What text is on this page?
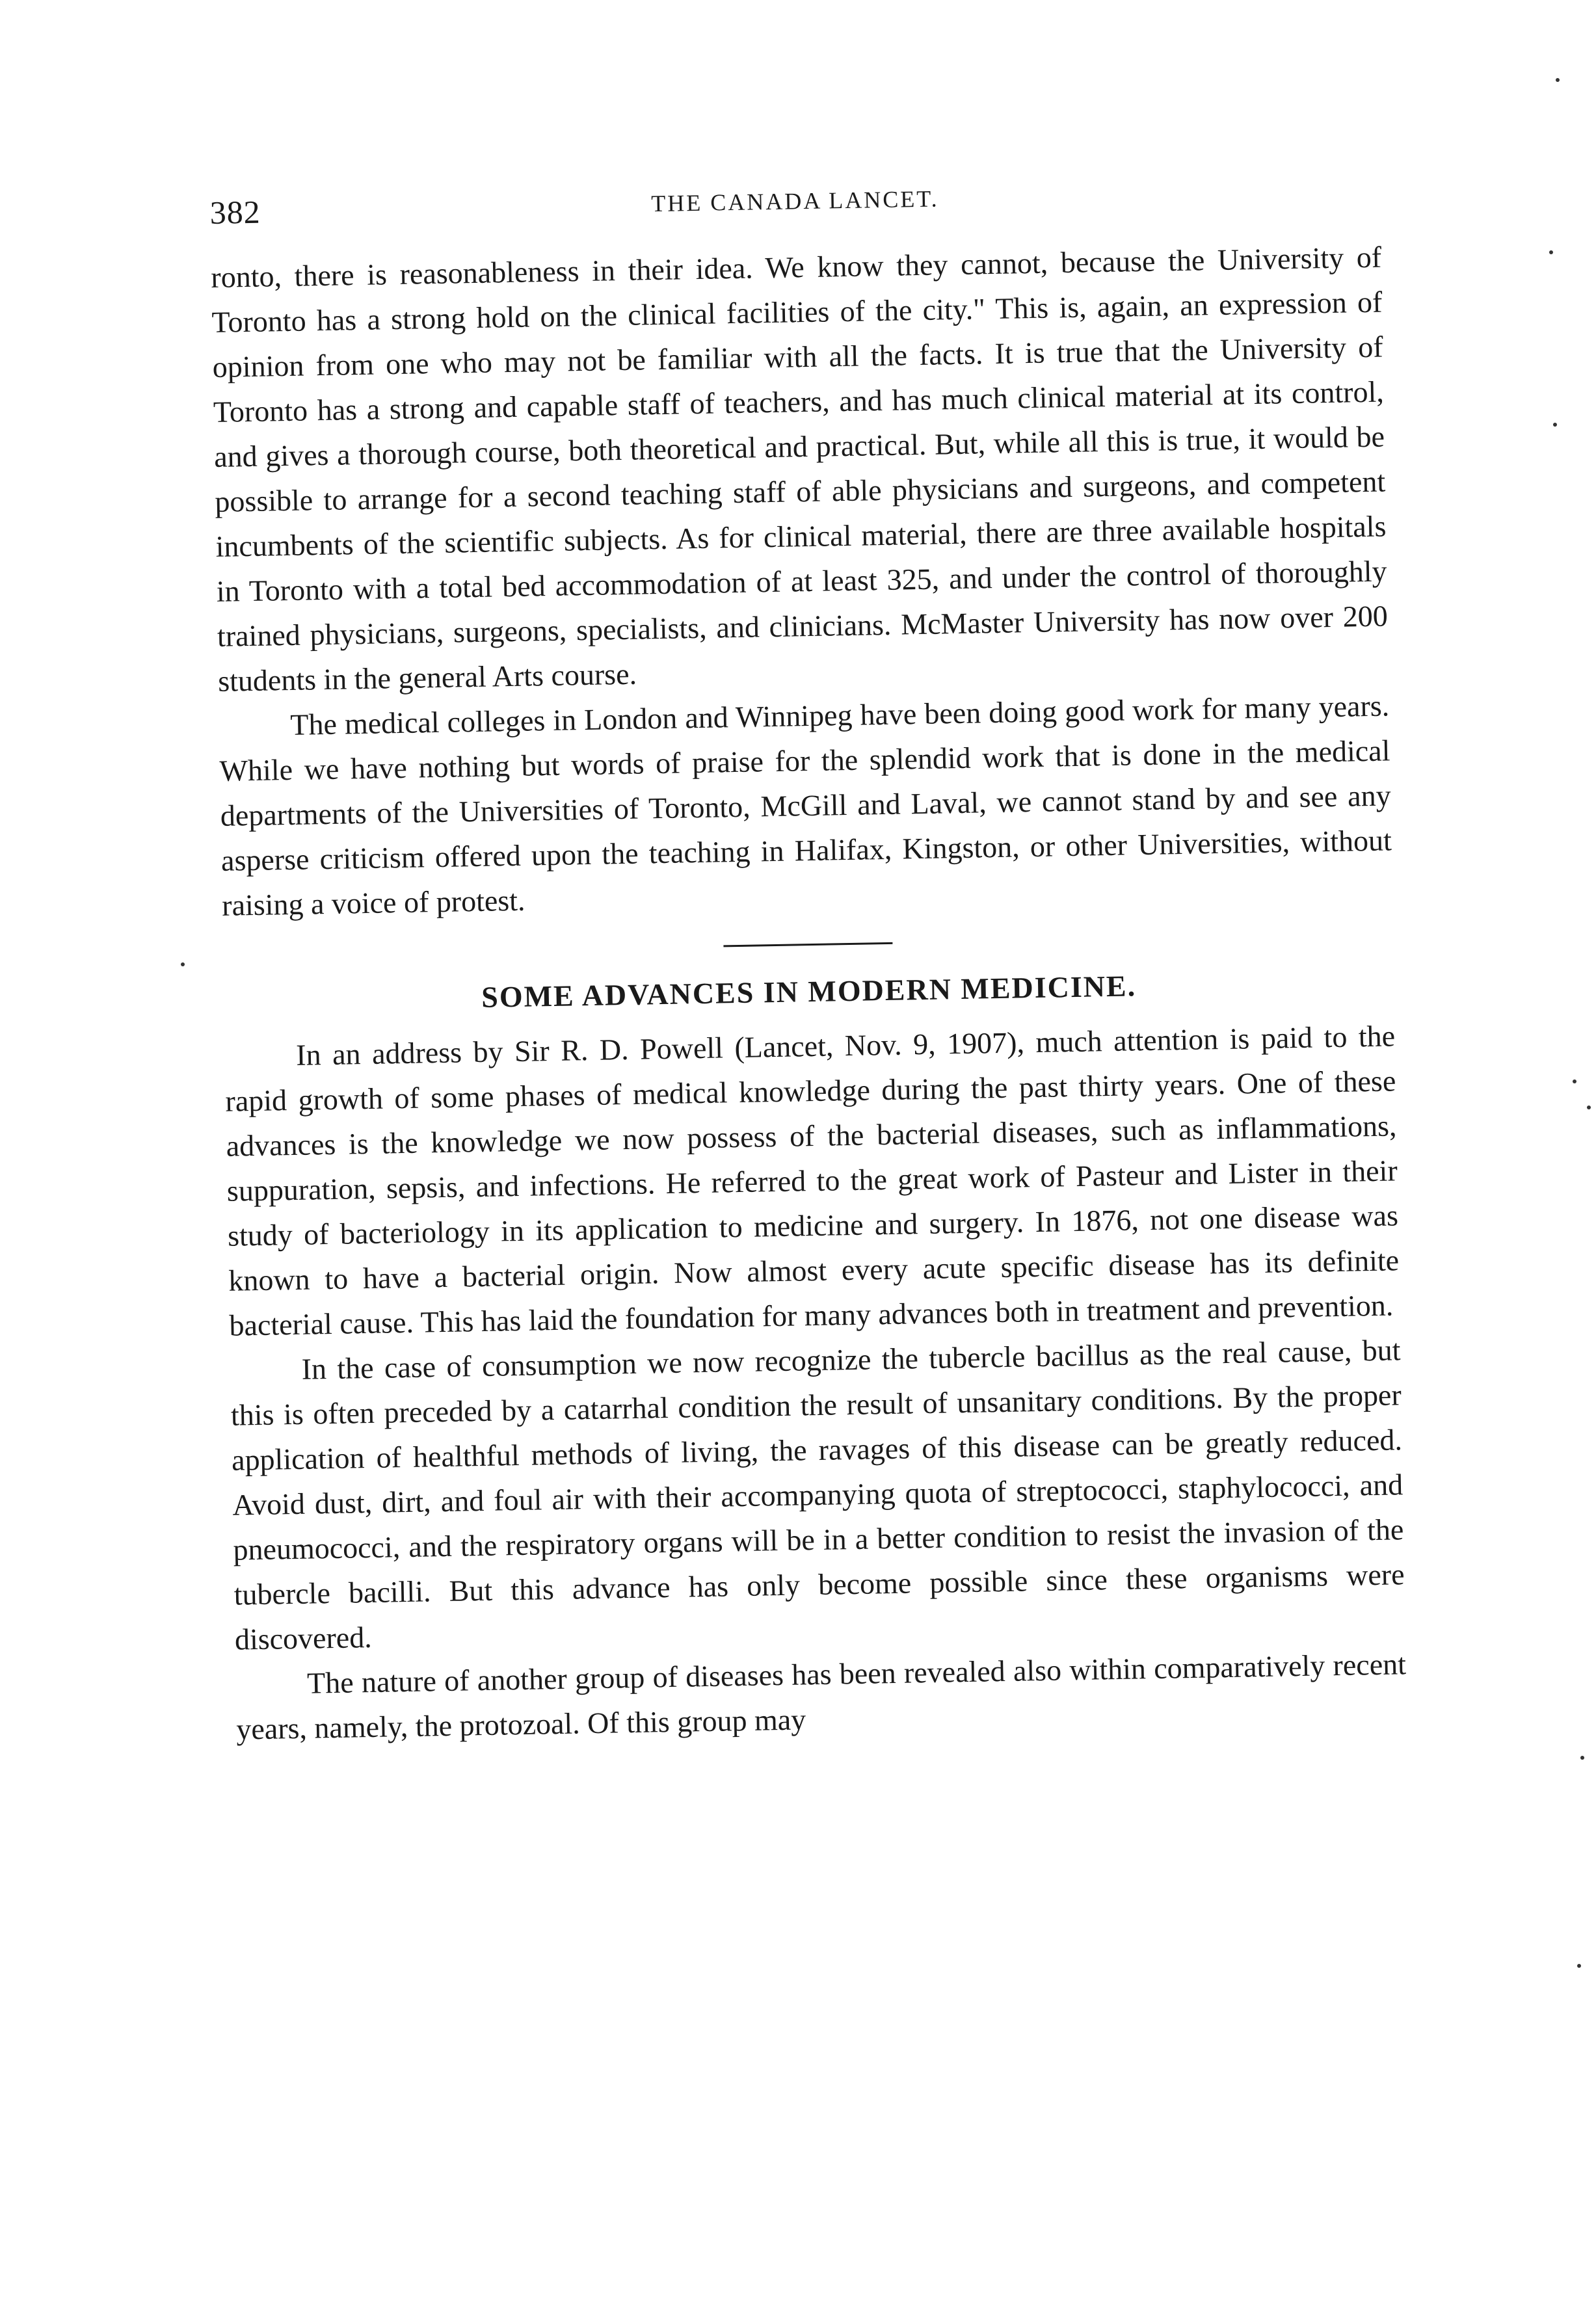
382	THE CANADA LANCET.

ronto, there is reasonableness in their idea. We know they cannot, because the University of Toronto has a strong hold on the clinical facilities of the city." This is, again, an expression of opinion from one who may not be familiar with all the facts. It is true that the University of Toronto has a strong and capable staff of teachers, and has much clinical material at its control, and gives a thorough course, both theoretical and practical. But, while all this is true, it would be possible to arrange for a second teaching staff of able physicians and surgeons, and competent incumbents of the scientific subjects. As for clinical material, there are three available hospitals in Toronto with a total bed accommodation of at least 325, and under the control of thoroughly trained physicians, surgeons, specialists, and clinicians. McMaster University has now over 200 students in the general Arts course.

The medical colleges in London and Winnipeg have been doing good work for many years. While we have nothing but words of praise for the splendid work that is done in the medical departments of the Universities of Toronto, McGill and Laval, we cannot stand by and see any asperse criticism offered upon the teaching in Halifax, Kingston, or other Universities, without raising a voice of protest.

SOME ADVANCES IN MODERN MEDICINE.

In an address by Sir R. D. Powell (Lancet, Nov. 9, 1907), much attention is paid to the rapid growth of some phases of medical knowledge during the past thirty years. One of these advances is the knowledge we now possess of the bacterial diseases, such as inflammations, suppuration, sepsis, and infections. He referred to the great work of Pasteur and Lister in their study of bacteriology in its application to medicine and surgery. In 1876, not one disease was known to have a bacterial origin. Now almost every acute specific disease has its definite bacterial cause. This has laid the foundation for many advances both in treatment and prevention.

In the case of consumption we now recognize the tubercle bacillus as the real cause, but this is often preceded by a catarrhal condition the result of unsanitary conditions. By the proper application of healthful methods of living, the ravages of this disease can be greatly reduced. Avoid dust, dirt, and foul air with their accompanying quota of streptococci, staphylococci, and pneumococci, and the respiratory organs will be in a better condition to resist the invasion of the tubercle bacilli. But this advance has only become possible since these organisms were discovered.

The nature of another group of diseases has been revealed also within comparatively recent years, namely, the protozoal. Of this group may
